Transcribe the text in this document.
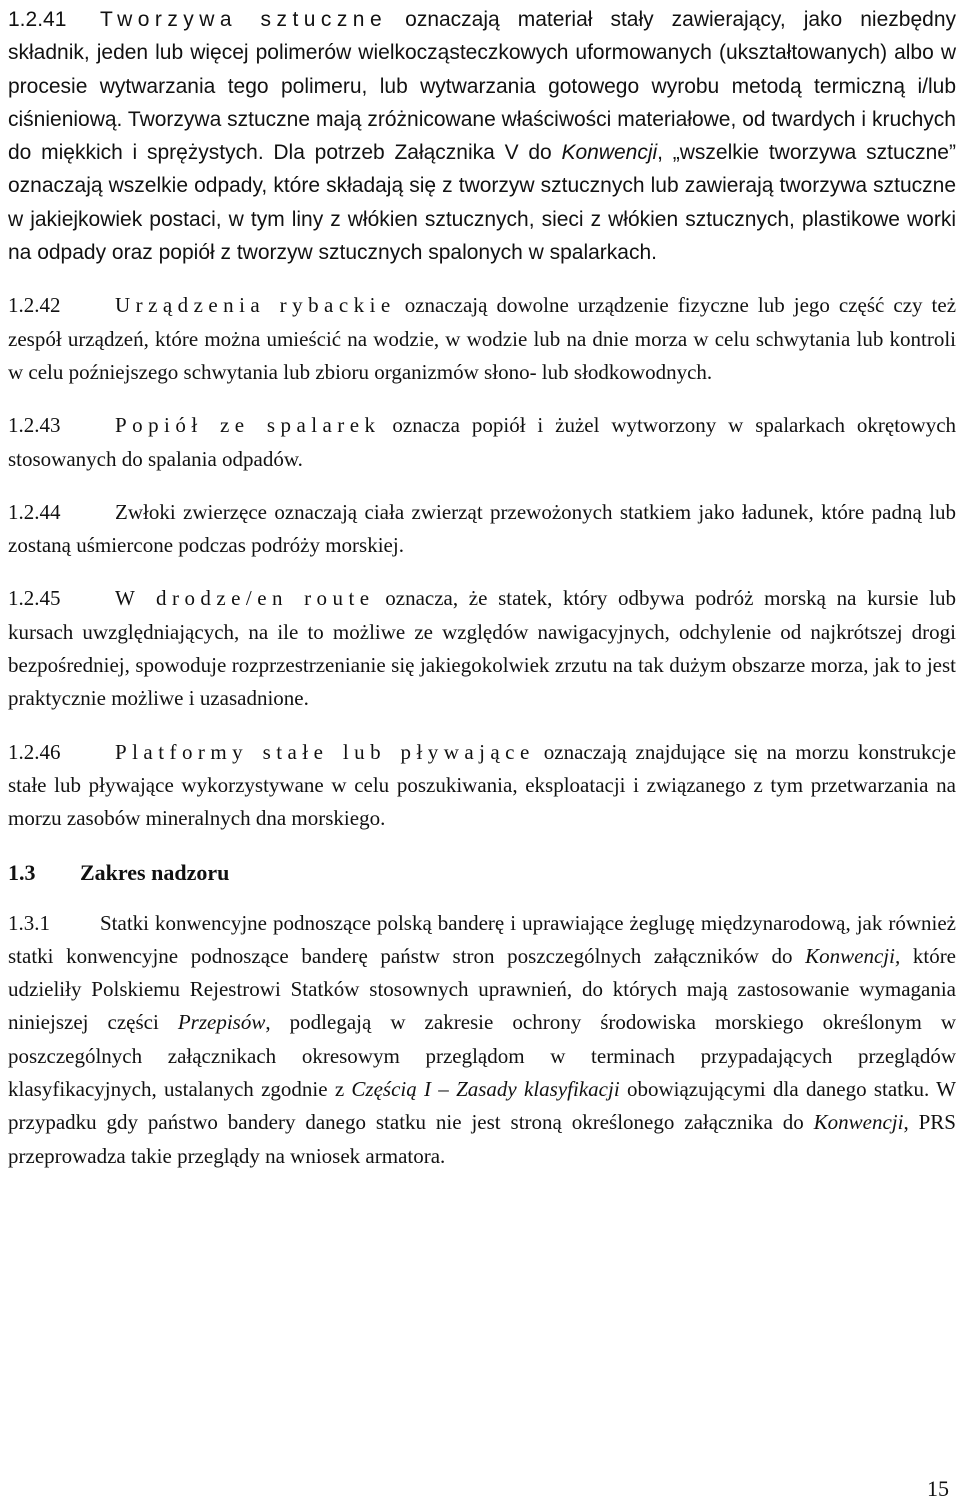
1.2.41 Tworzywa sztuczne oznaczają materiał stały zawierający, jako niezbędny składnik, jeden lub więcej polimerów wielkocząsteczkowych uformowanych (ukształtowanych) albo w procesie wytwarzania tego polimeru, lub wytwarzania gotowego wyrobu metodą termiczną i/lub ciśnieniową. Tworzywa sztuczne mają zróżnicowane właściwości materiałowe, od twardych i kruchych do miękkich i sprężystych. Dla potrzeb Załącznika V do Konwencji, „wszelkie tworzywa sztuczne” oznaczają wszelkie odpady, które składają się z tworzyw sztucznych lub zawierają tworzywa sztuczne w jakiejkowiek postaci, w tym liny z włókien sztucznych, sieci z włókien sztucznych, plastikowe worki na odpady oraz popiół z tworzyw sztucznych spalonych w spalarkach.

1.2.42	Urządzenia rybackie oznaczają dowolne urządzenie fizyczne lub jego część czy też zespół urządzeń, które można umieścić na wodzie, w wodzie lub na dnie morza w celu schwytania lub kontroli w celu poźniejszego schwytania lub zbioru organizmów słono- lub słodkowodnych.

1.2.43	Popiół ze spalarek oznacza popiół i żużel wytworzony w spalarkach okrętowych stosowanych do spalania odpadów.

1.2.44	Zwłoki zwierzęce oznaczają ciała zwierząt przewożonych statkiem jako ładunek, które padną lub zostaną uśmiercone podczas podróży morskiej.

1.2.45	W drodze/en route oznacza, że statek, który odbywa podróż morską na kursie lub kursach uwzględniających, na ile to możliwe ze względów nawigacyjnych, odchylenie od najkrótszej drogi bezpośredniej, spowoduje rozprzestrzenianie się jakiegokolwiek zrzutu na tak dużym obszarze morza, jak to jest praktycznie możliwe i uzasadnione.

1.2.46	Platformy stałe lub pływające oznaczają znajdujące się na morzu konstrukcje stałe lub pływające wykorzystywane w celu poszukiwania, eksploatacji i związanego z tym przetwarzania na morzu zasobów mineralnych dna morskiego.

1.3 Zakres nadzoru

1.3.1 Statki konwencyjne podnoszące polską banderę i uprawiające żeglugę międzynarodową, jak również statki konwencyjne podnoszące banderę państw stron poszczególnych załączników do Konwencji, które udzieliły Polskiemu Rejestrowi Statków stosownych uprawnień, do których mają zastosowanie wymagania niniejszej części Przepisów, podlegają w zakresie ochrony środowiska morskiego określonym w poszczególnych załącznikach okresowym przeglądom w terminach przypadających przeglądów klasyfikacyjnych, ustalanych zgodnie z Częścią I – Zasady klasyfikacji obowiązującymi dla danego statku. W przypadku gdy państwo bandery danego statku nie jest stroną określonego załącznika do Konwencji, PRS przeprowadza takie przeglądy na wniosek armatora.

15
